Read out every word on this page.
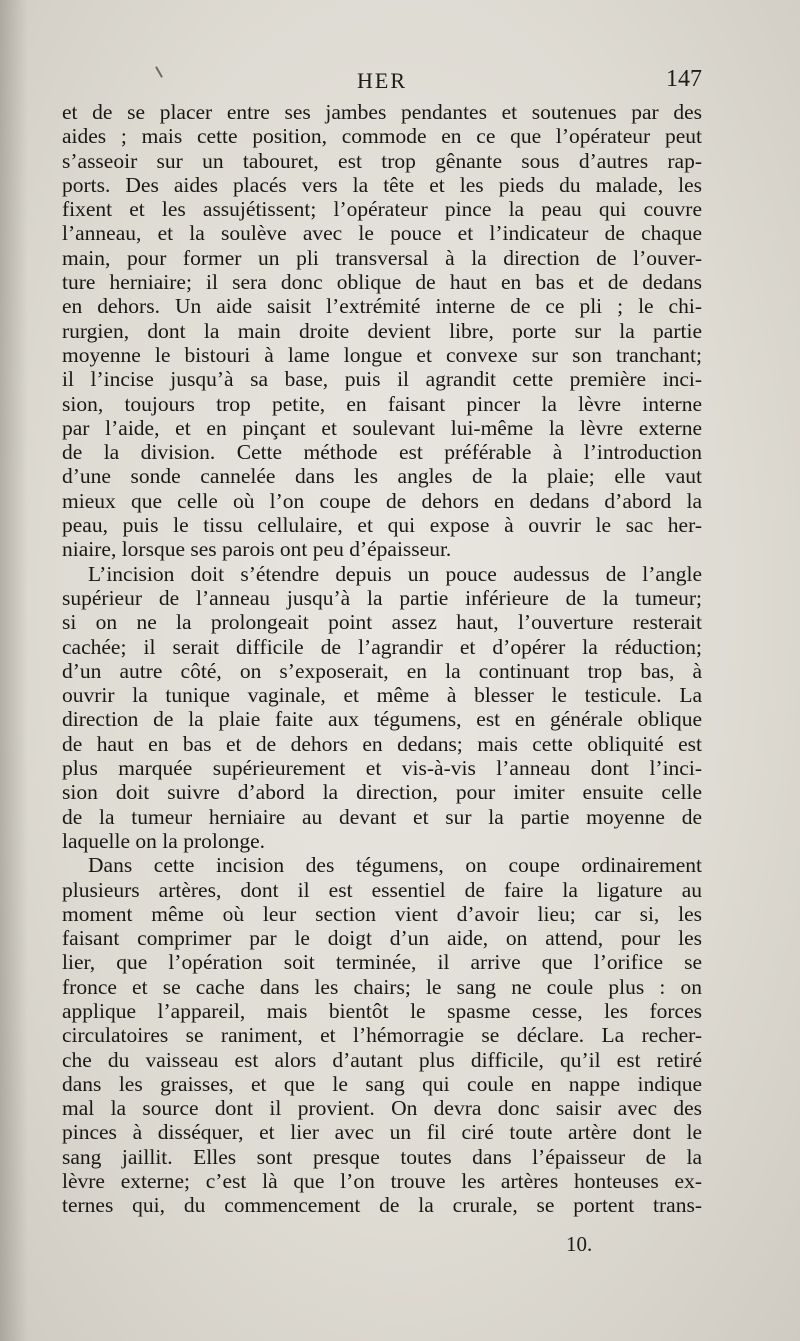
HER	147
et de se placer entre ses jambes pendantes et soutenues par des
aides ; mais cette position, commode en ce que l’opérateur peut
s’asseoir sur un tabouret, est trop gênante sous d’autres rap-
ports. Des aides placés vers la tête et les pieds du malade, les
fixent et les assujétissent; l’opérateur pince la peau qui couvre
l’anneau, et la soulève avec le pouce et l’indicateur de chaque
main, pour former un pli transversal à la direction de l’ouver-
ture herniaire; il sera donc oblique de haut en bas et de dedans
en dehors. Un aide saisit l’extrémité interne de ce pli ; le chi-
rurgien, dont la main droite devient libre, porte sur la partie
moyenne le bistouri à lame longue et convexe sur son tranchant;
il l’incise jusqu’à sa base, puis il agrandit cette première inci-
sion, toujours trop petite, en faisant pincer la lèvre interne
par l’aide, et en pinçant et soulevant lui-même la lèvre externe
de la division. Cette méthode est préférable à l’introduction
d’une sonde cannelée dans les angles de la plaie; elle vaut
mieux que celle où l’on coupe de dehors en dedans d’abord la
peau, puis le tissu cellulaire, et qui expose à ouvrir le sac her-
niaire, lorsque ses parois ont peu d’épaisseur.
L’incision doit s’étendre depuis un pouce audessus de l’angle
supérieur de l’anneau jusqu’à la partie inférieure de la tumeur;
si on ne la prolongeait point assez haut, l’ouverture resterait
cachée; il serait difficile de l’agrandir et d’opérer la réduction;
d’un autre côté, on s’exposerait, en la continuant trop bas, à
ouvrir la tunique vaginale, et même à blesser le testicule. La
direction de la plaie faite aux tégumens, est en générale oblique
de haut en bas et de dehors en dedans; mais cette obliquité est
plus marquée supérieurement et vis-à-vis l’anneau dont l’inci-
sion doit suivre d’abord la direction, pour imiter ensuite celle
de la tumeur herniaire au devant et sur la partie moyenne de
laquelle on la prolonge.
Dans cette incision des tégumens, on coupe ordinairement
plusieurs artères, dont il est essentiel de faire la ligature au
moment même où leur section vient d’avoir lieu; car si, les
faisant comprimer par le doigt d’un aide, on attend, pour les
lier, que l’opération soit terminée, il arrive que l’orifice se
fronce et se cache dans les chairs; le sang ne coule plus : on
applique l’appareil, mais bientôt le spasme cesse, les forces
circulatoires se raniment, et l’hémorragie se déclare. La recher-
che du vaisseau est alors d’autant plus difficile, qu’il est retiré
dans les graisses, et que le sang qui coule en nappe indique
mal la source dont il provient. On devra donc saisir avec des
pinces à disséquer, et lier avec un fil ciré toute artère dont le
sang jaillit. Elles sont presque toutes dans l’épaisseur de la
lèvre externe; c’est là que l’on trouve les artères honteuses ex-
ternes qui, du commencement de la crurale, se portent trans-
10.
